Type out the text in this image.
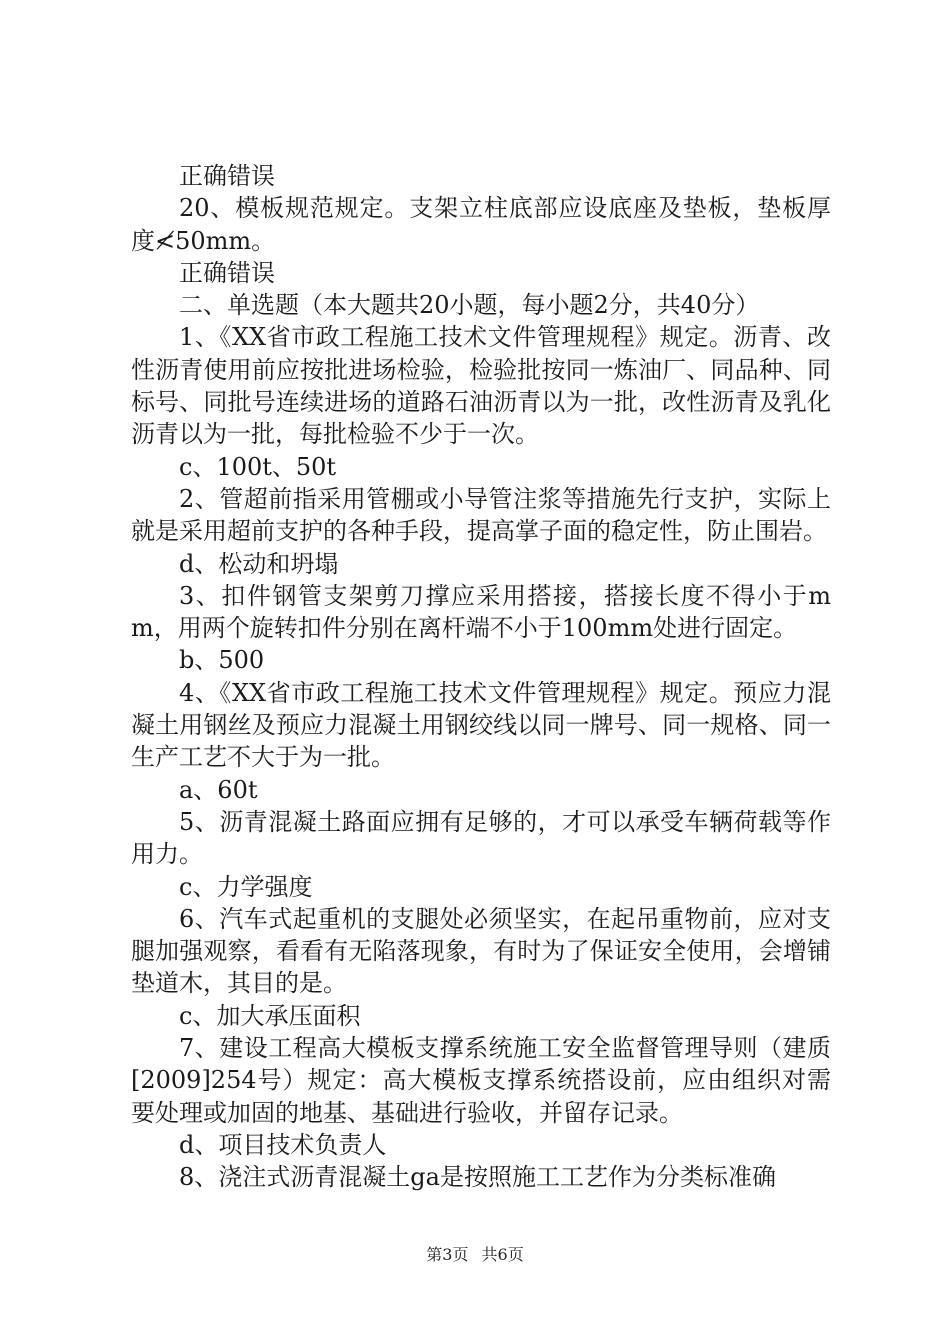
正确错误

20、模板规范规定。支架立柱底部应设底座及垫板，垫板厚度≮50mm。

正确错误

二、单选题（本大题共20小题，每小题2分，共40分）

1、《XX省市政工程施工技术文件管理规程》规定。沥青、改性沥青使用前应按批进场检验，检验批按同一炼油厂、同品种、同标号、同批号连续进场的道路石油沥青以为一批，改性沥青及乳化沥青以为一批，每批检验不少于一次。

c、100t、50t

2、管超前指采用管棚或小导管注浆等措施先行支护，实际上就是采用超前支护的各种手段，提高掌子面的稳定性，防止围岩。

d、松动和坍塌

3、扣件钢管支架剪刀撑应采用搭接，搭接长度不得小于mm，用两个旋转扣件分别在离杆端不小于100mm处进行固定。

b、500

4、《XX省市政工程施工技术文件管理规程》规定。预应力混凝土用钢丝及预应力混凝土用钢绞线以同一牌号、同一规格、同一生产工艺不大于为一批。

a、60t

5、沥青混凝土路面应拥有足够的，才可以承受车辆荷载等作用力。

c、力学强度

6、汽车式起重机的支腿处必须坚实，在起吊重物前，应对支腿加强观察，看看有无陷落现象，有时为了保证安全使用，会增铺垫道木，其目的是。

c、加大承压面积

7、建设工程高大模板支撑系统施工安全监督管理导则（建质[2009]254号）规定：高大模板支撑系统搭设前，应由组织对需要处理或加固的地基、基础进行验收，并留存记录。

d、项目技术负责人

8、浇注式沥青混凝土ga是按照施工工艺作为分类标准确

第3页 共6页
